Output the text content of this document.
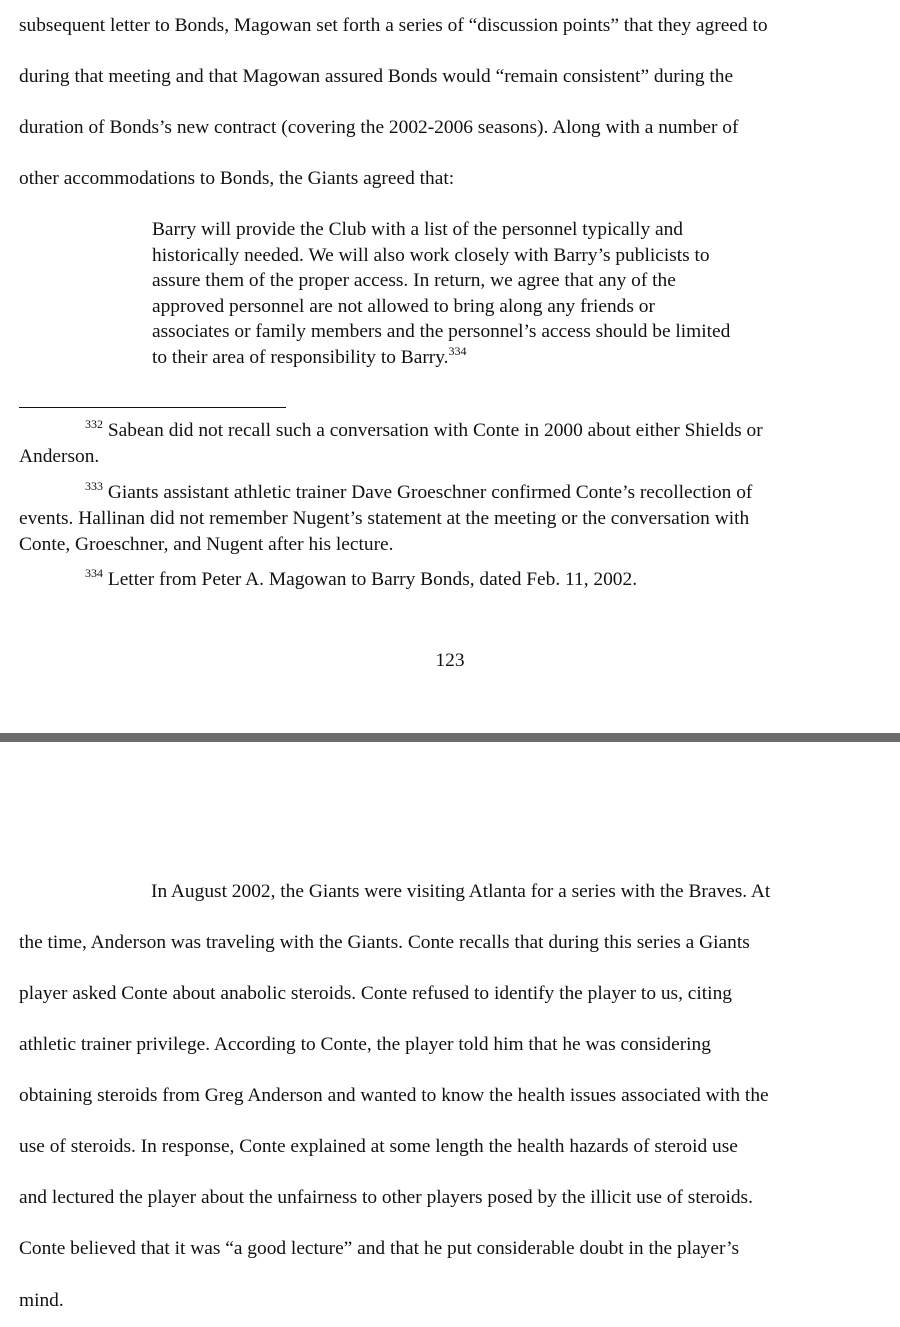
subsequent letter to Bonds, Magowan set forth a series of “discussion points” that they agreed to
during that meeting and that Magowan assured Bonds would “remain consistent” during the
duration of Bonds’s new contract (covering the 2002-2006 seasons). Along with a number of
other accommodations to Bonds, the Giants agreed that:
Barry will provide the Club with a list of the personnel typically and
historically needed. We will also work closely with Barry’s publicists to
assure them of the proper access. In return, we agree that any of the
approved personnel are not allowed to bring along any friends or
associates or family members and the personnel’s access should be limited
to their area of responsibility to Barry.$^{334}$
$^{332}$ Sabean did not recall such a conversation with Conte in 2000 about either Shields or
Anderson.
$^{333}$ Giants assistant athletic trainer Dave Groeschner confirmed Conte’s recollection of
events. Hallinan did not remember Nugent’s statement at the meeting or the conversation with
Conte, Groeschner, and Nugent after his lecture.
$^{334}$ Letter from Peter A. Magowan to Barry Bonds, dated Feb. 11, 2002.
123
In August 2002, the Giants were visiting Atlanta for a series with the Braves. At
the time, Anderson was traveling with the Giants. Conte recalls that during this series a Giants
player asked Conte about anabolic steroids. Conte refused to identify the player to us, citing
athletic trainer privilege. According to Conte, the player told him that he was considering
obtaining steroids from Greg Anderson and wanted to know the health issues associated with the
use of steroids. In response, Conte explained at some length the health hazards of steroid use
and lectured the player about the unfairness to other players posed by the illicit use of steroids.
Conte believed that it was “a good lecture” and that he put considerable doubt in the player’s
mind.
